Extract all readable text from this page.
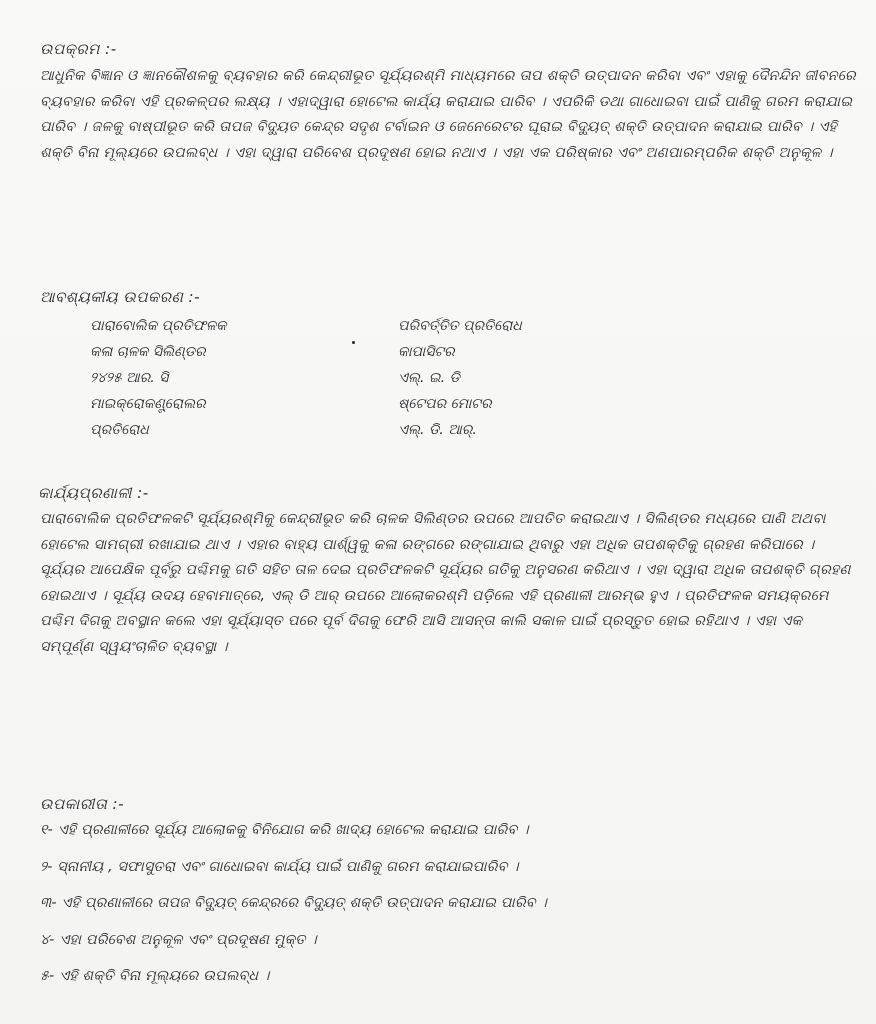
ଉପକ୍ରମ :-
ଆଧୁନିକ ବିଜ୍ଞାନ ଓ ଜ୍ଞାନକୌଶଳକୁ ବ୍ୟବହାର କରି କେନ୍ଦ୍ରୀଭୂତ ସୂର୍ଯ୍ୟରଶ୍ମି ମାଧ୍ୟମରେ ତାପ ଶକ୍ତି ଉତ୍ପାଦନ କରିବା ଏବଂ ଏହାକୁ ଦୈନନ୍ଦିନ ଜୀବନରେ ବ୍ୟବହାର କରିବା ଏହି ପ୍ରକଳ୍ପର ଲକ୍ଷ୍ୟ । ଏହାଦ୍ୱାରା ହୋଟେଲ କାର୍ଯ୍ୟ କରାଯାଇ ପାରିବ । ଏପରିକି ଡଥା ଗାଧୋଇବା ପାଇଁ ପାଣିକୁ ଗରମ କରାଯାଇ ପାରିବ । ଜଳକୁ ବାଷ୍ପୀଭୂତ କରି ତାପଜ ବିଦ୍ୟୁତ କେନ୍ଦ୍ର ସଦୃଶ ଟର୍ବାଇନ ଓ ଜେନେରେଟର ଘୂରାଇ ବିଦ୍ୟୁତ୍ ଶକ୍ତି ଉତ୍ପାଦନ କରାଯାଇ ପାରିବ । ଏହି ଶକ୍ତି ବିନା ମୂଲ୍ୟରେ ଉପଲବ୍ଧ । ଏହା ଦ୍ୱାରା ପରିବେଶ ପ୍ରଦୂଷଣ ହୋଇ ନଥାଏ । ଏହା ଏକ ପରିଷ୍କାର ଏବଂ ଅଣପାରମ୍ପରିକ ଶକ୍ତି ଅନୁକୂଳ ।
ଆବଶ୍ୟକୀୟ ଉପକରଣ :-
ପାରାବୋଲିକ ପ୍ରତିଫଳକ	ପରିବର୍ତ୍ତିତ ପ୍ରତିରୋଧ
କଳା ଚାଳକ ସିଲିଣ୍ଡର	କାପାସିଟର
୨୪୨୫ ଆର. ସି	ଏଲ୍. ଇ. ଡି
ମାଇକ୍ରୋକଣ୍ଟ୍ରୋଲର	ଷ୍ଟେପର ମୋଟର
ପ୍ରତିରୋଧ	ଏଲ୍. ଡି. ଆର୍.
କାର୍ଯ୍ୟପ୍ରଣାଳୀ :-
ପାରାବୋଲିକ ପ୍ରତିଫଳକଟି ସୂର୍ଯ୍ୟରଶ୍ମିକୁ କେନ୍ଦ୍ରୀଭୂତ କରି ଚାଳକ ସିଲିଣ୍ଡର ଉପରେ ଆପତିତ କରାଇଥାଏ । ସିଲିଣ୍ଡର ମଧ୍ୟରେ ପାଣି ଅଥବା ହୋଟେଲ ସାମଗ୍ରୀ ରଖାଯାଇ ଥାଏ । ଏହାର ବାହ୍ୟ ପାର୍ଶ୍ୱକୁ କଳା ରଙ୍ଗରେ ରଙ୍ଗାଯାଇ ଥିବାରୁ ଏହା ଅଧିକ ତାପଶକ୍ତିକୁ ଗ୍ରହଣ କରିପାରେ । ସୂର୍ଯ୍ୟର ଆପେକ୍ଷିକ ପୂର୍ବରୁ ପଶ୍ଚିମକୁ ଗତି ସହିତ ତାଳ ଦେଇ ପ୍ରତିଫଳକଟି ସୂର୍ଯ୍ୟର ଗତିକୁ ଅନୁସରଣ କରିଥାଏ । ଏହା ଦ୍ୱାରା ଅଧିକ ତାପଶକ୍ତି ଗ୍ରହଣ ହୋଇଥାଏ । ସୂର୍ଯ୍ୟ ଉଦୟ ହେବାମାତ୍ରେ, ଏଲ୍ ଡି ଆର୍ ଉପରେ ଆଲୋକରଶ୍ମି ପଡ଼ିଲେ ଏହି ପ୍ରଣାଳୀ ଆରମ୍ଭ ହୁଏ । ପ୍ରତିଫଳକ ସମୟକ୍ରମେ ପଶ୍ଚିମ ଦିଗକୁ ଅବସ୍ଥାନ କଲେ ଏହା ସୂର୍ଯ୍ୟାସ୍ତ ପରେ ପୂର୍ବ ଦିଗକୁ ଫେରି ଆସି ଆସନ୍ତା କାଲି ସକାଳ ପାଇଁ ପ୍ରସ୍ତୁତ ହୋଇ ରହିଥାଏ । ଏହା ଏକ ସମ୍ପୂର୍ଣ୍ଣ ସ୍ୱୟଂଚାଳିତ ବ୍ୟବସ୍ଥା ।
ଉପକାରୀତା :-
୧- ଏହି ପ୍ରଣାଳୀରେ ସୂର୍ଯ୍ୟ ଆଲୋକକୁ ବିନିଯୋଗ କରି ଖାଦ୍ୟ ହୋଟେଲ କରାଯାଇ ପାରିବ ।
୨- ସ୍ନାନୀୟ , ସଫାସୁତରା ଏବଂ ଗାଧୋଇବା କାର୍ଯ୍ୟ ପାଇଁ ପାଣିକୁ ଗରମ କରାଯାଇପାରିବ ।
୩- ଏହି ପ୍ରଣାଳୀରେ ତାପଜ ବିଦ୍ୟୁତ୍ କେନ୍ଦ୍ରରେ ବିଦ୍ୟୁତ୍ ଶକ୍ତି ଉତ୍ପାଦନ କରାଯାଇ ପାରିବ ।
୪- ଏହା ପରିବେଶ ଅନୁକୂଳ ଏବଂ ପ୍ରଦୂଷଣ ମୁକ୍ତ ।
୫- ଏହି ଶକ୍ତି ବିନା ମୂଲ୍ୟରେ ଉପଲବ୍ଧ ।
